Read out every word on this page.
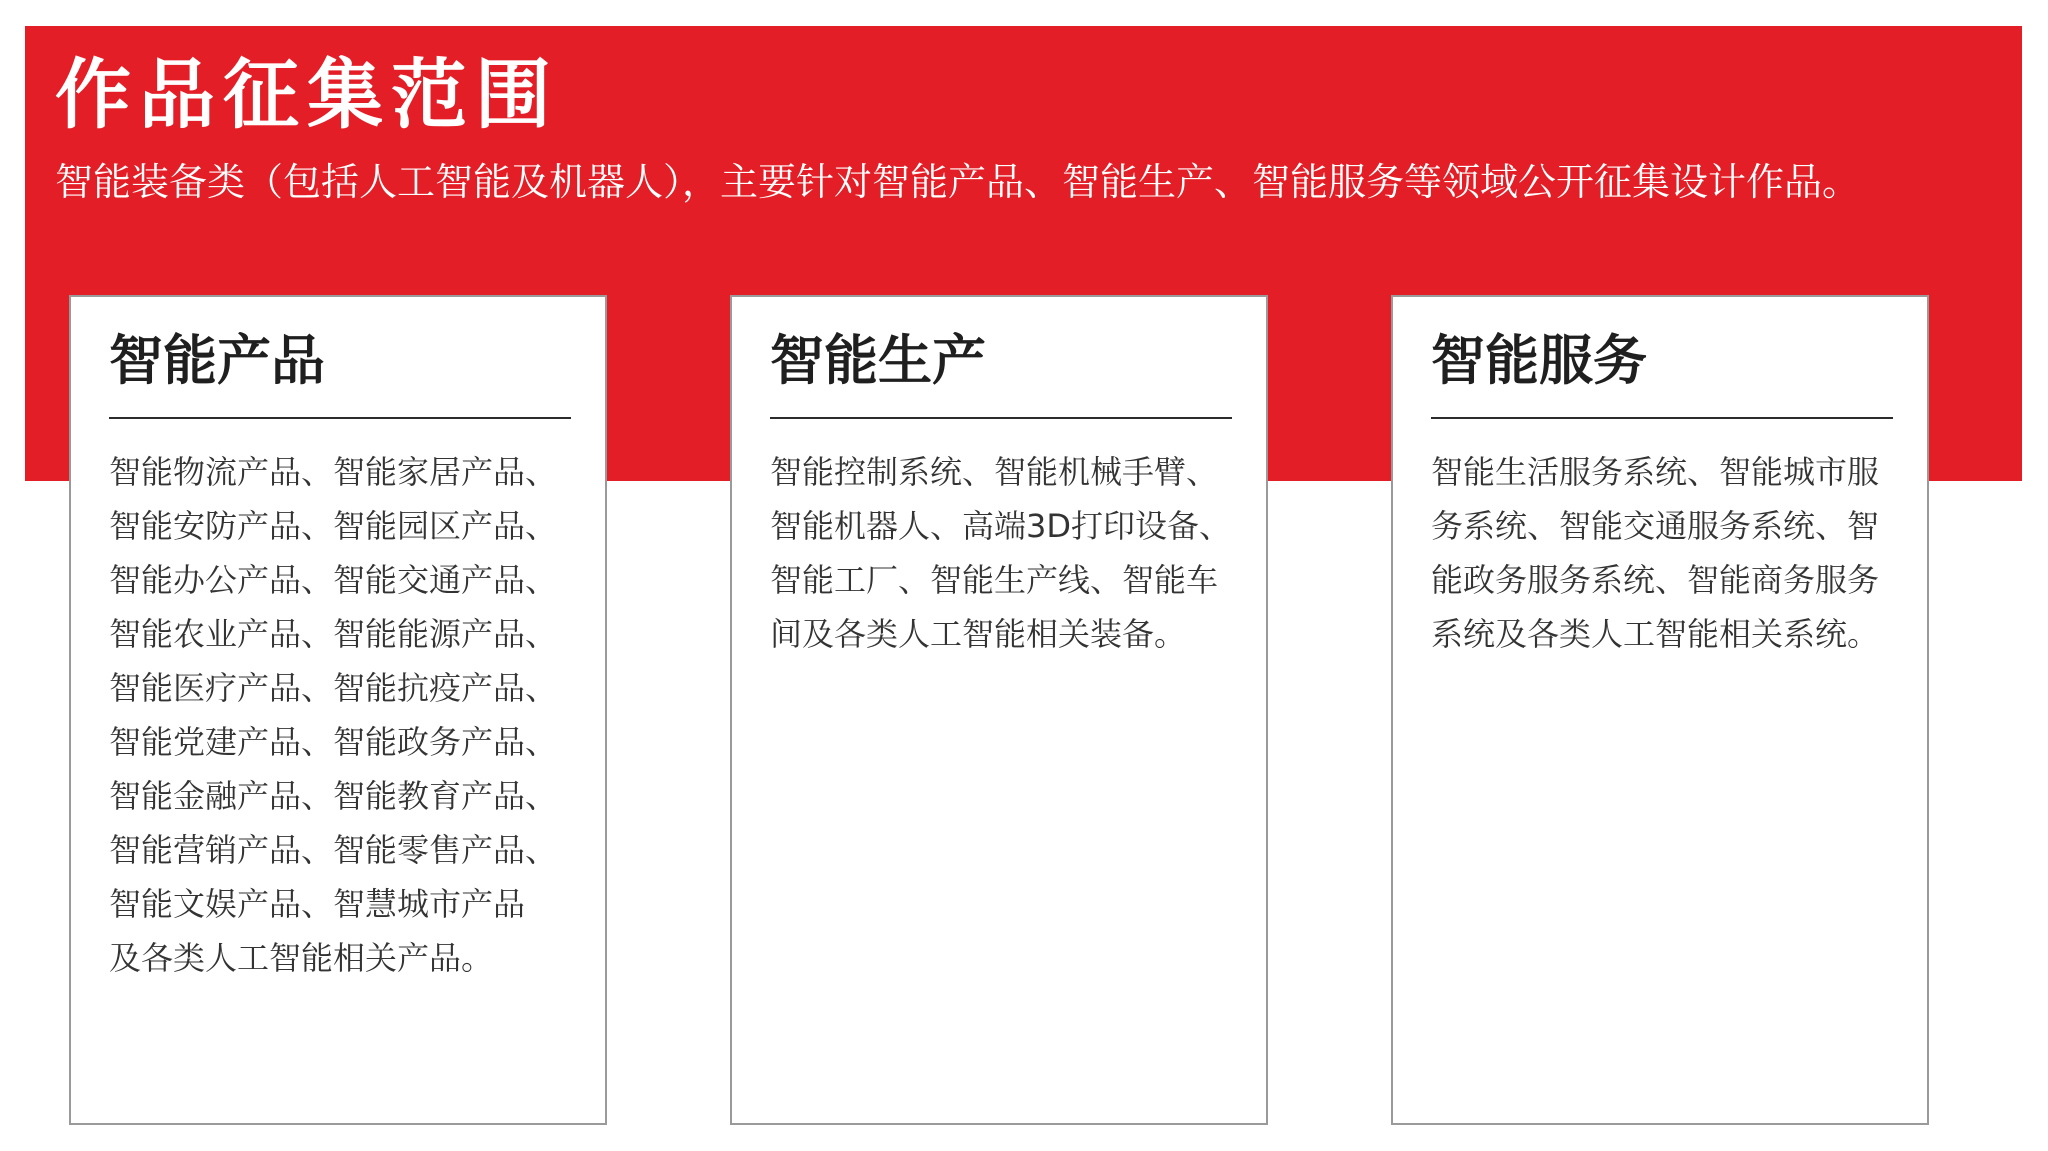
作品征集范围

智能装备类（包括人工智能及机器人），主要针对智能产品、智能生产、智能服务等领域公开征集设计作品。

智能产品
智能物流产品、智能家居产品、
智能安防产品、智能园区产品、
智能办公产品、智能交通产品、
智能农业产品、智能能源产品、
智能医疗产品、智能抗疫产品、
智能党建产品、智能政务产品、
智能金融产品、智能教育产品、
智能营销产品、智能零售产品、
智能文娱产品、智慧城市产品
及各类人工智能相关产品。
智能生产
智能控制系统、智能机械手臂、
智能机器人、高端3D打印设备、
智能工厂、智能生产线、智能车
间及各类人工智能相关装备。
智能服务
智能生活服务系统、智能城市服
务系统、智能交通服务系统、智
能政务服务系统、智能商务服务
系统及各类人工智能相关系统。
